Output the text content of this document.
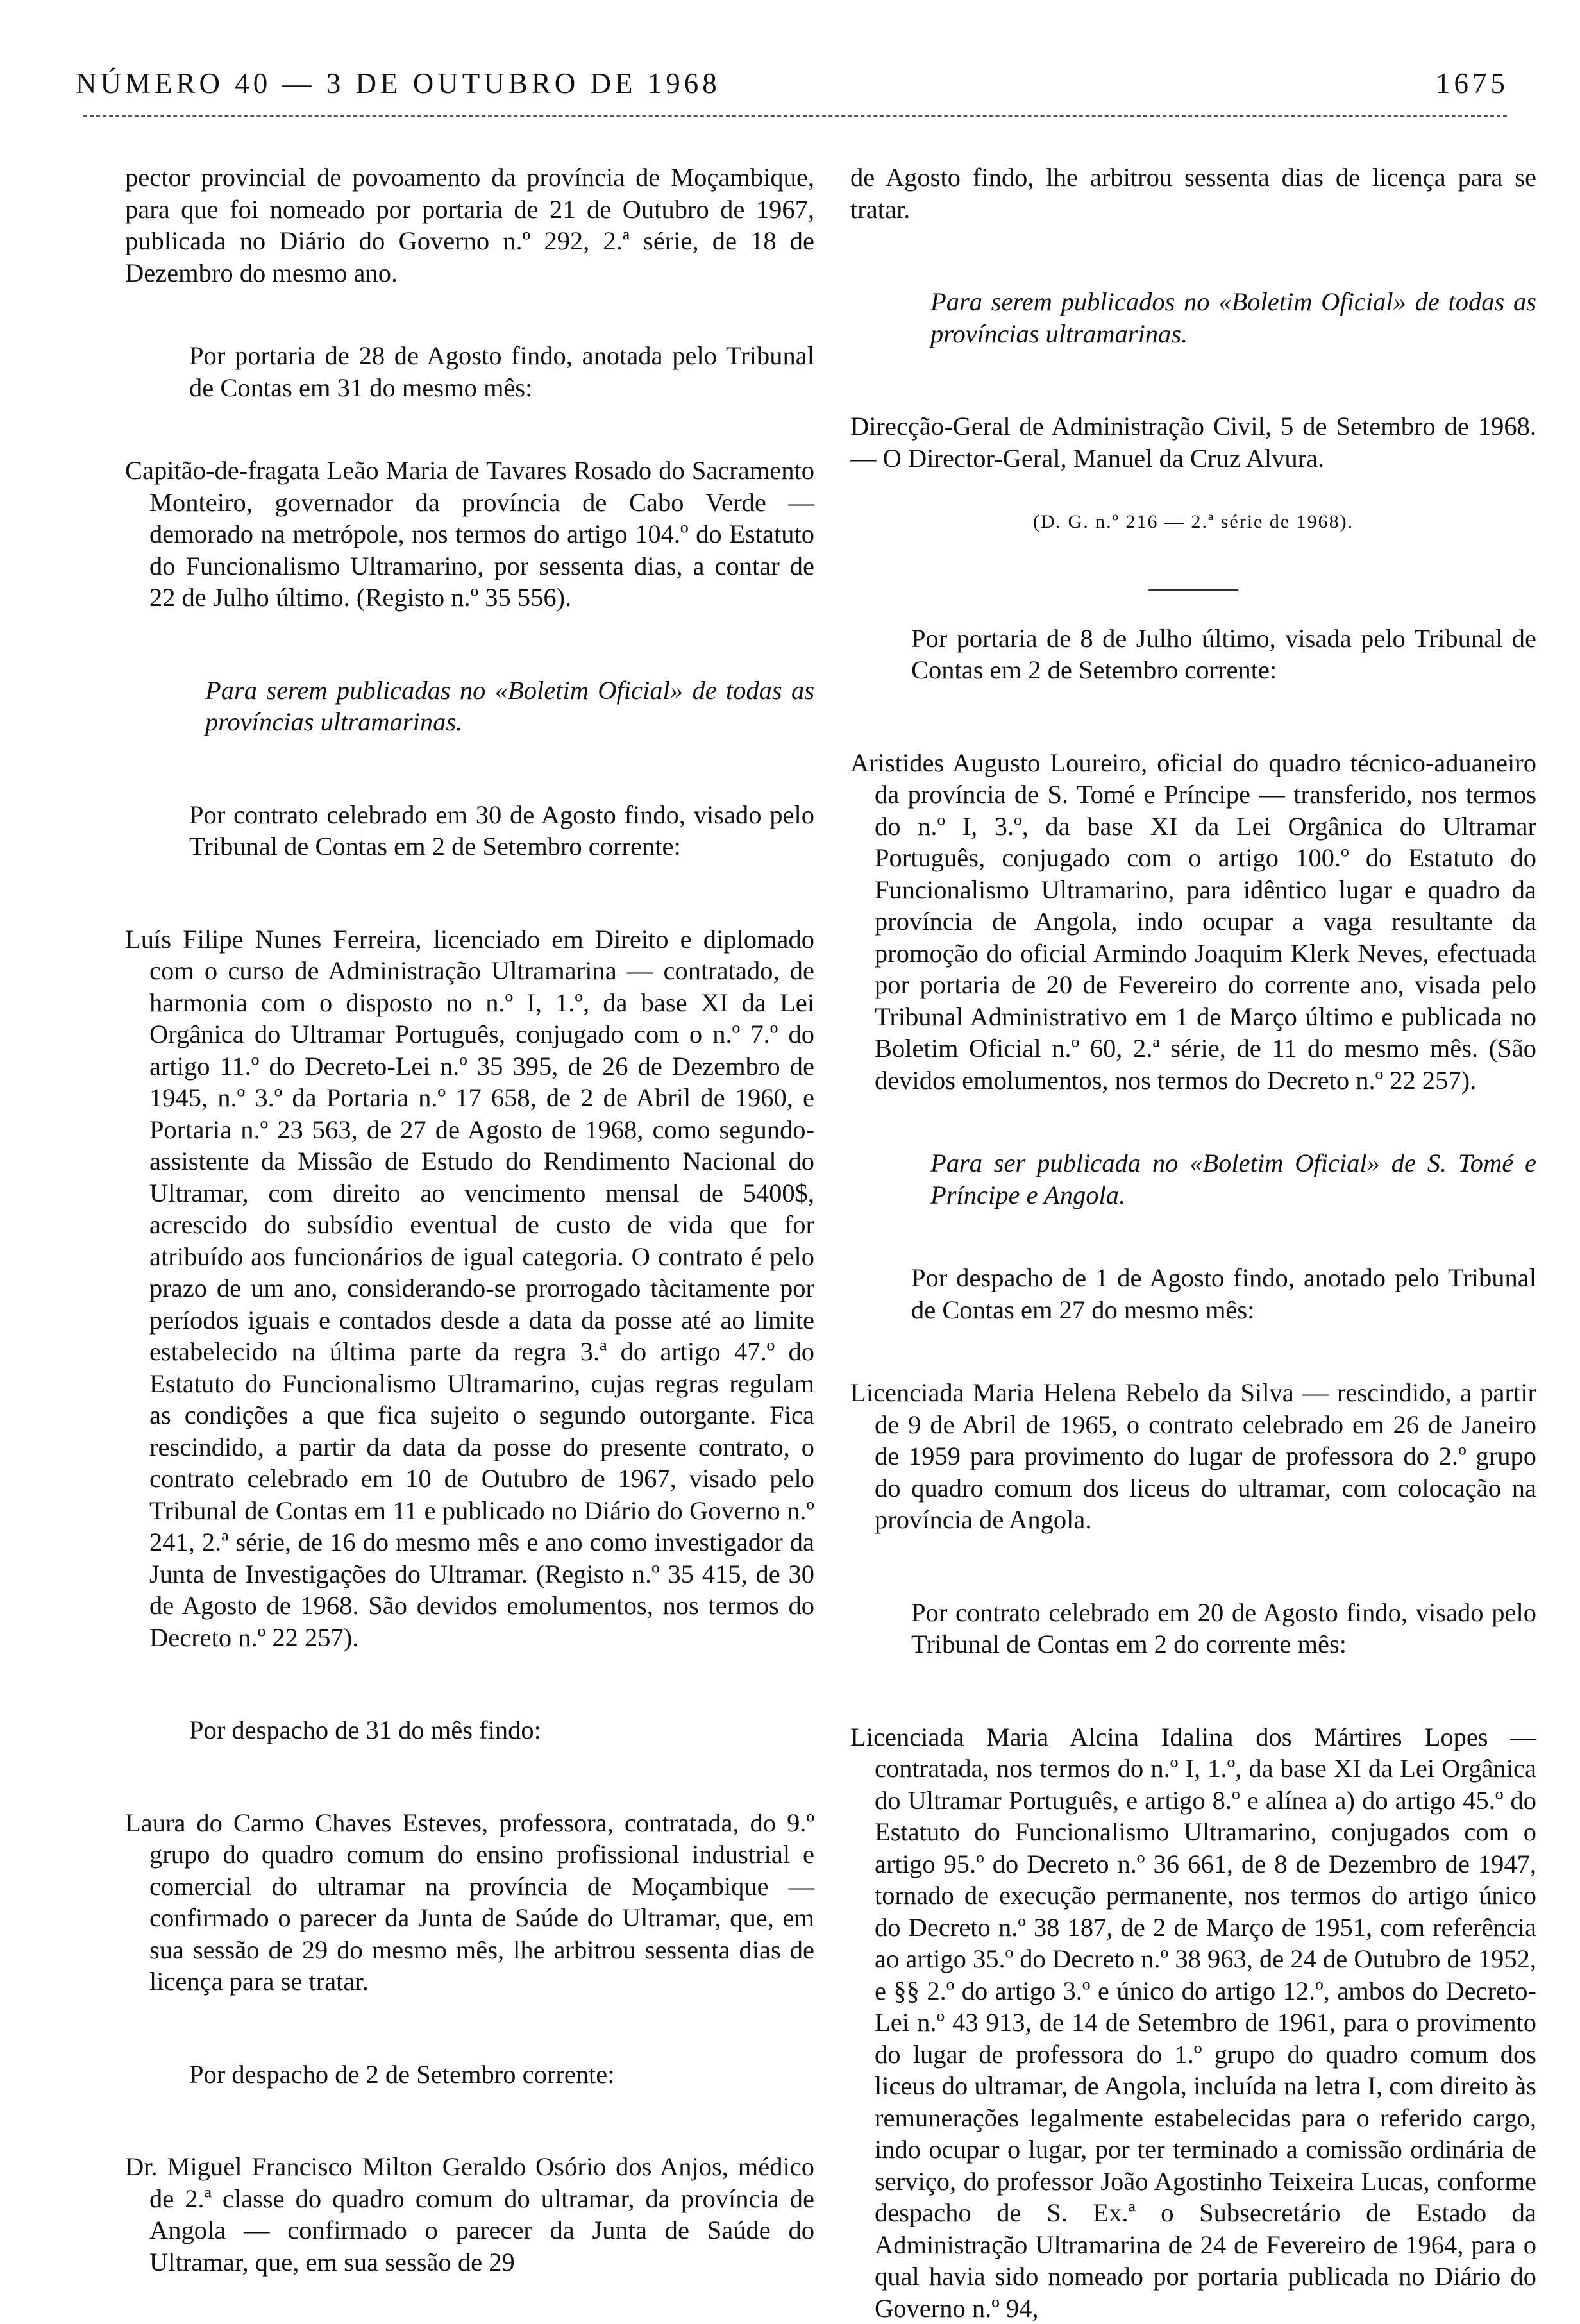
NÚMERO 40 — 3 DE OUTUBRO DE 1968	1675

pector provincial de povoamento da província de Moçambique, para que foi nomeado por portaria de 21 de Outubro de 1967, publicada no Diário do Governo n.º 292, 2.ª série, de 18 de Dezembro do mesmo ano.

Por portaria de 28 de Agosto findo, anotada pelo Tribunal de Contas em 31 do mesmo mês:

Capitão-de-fragata Leão Maria de Tavares Rosado do Sacramento Monteiro, governador da província de Cabo Verde — demorado na metrópole, nos termos do artigo 104.º do Estatuto do Funcionalismo Ultramarino, por sessenta dias, a contar de 22 de Julho último. (Registo n.º 35 556).

Para serem publicadas no «Boletim Oficial» de todas as províncias ultramarinas.

Por contrato celebrado em 30 de Agosto findo, visado pelo Tribunal de Contas em 2 de Setembro corrente:

Luís Filipe Nunes Ferreira, licenciado em Direito e diplomado com o curso de Administração Ultramarina — contratado, de harmonia com o disposto no n.º I, 1.º, da base XI da Lei Orgânica do Ultramar Português, conjugado com o n.º 7.º do artigo 11.º do Decreto-Lei n.º 35 395, de 26 de Dezembro de 1945, n.º 3.º da Portaria n.º 17 658, de 2 de Abril de 1960, e Portaria n.º 23 563, de 27 de Agosto de 1968, como segundo-assistente da Missão de Estudo do Rendimento Nacional do Ultramar, com direito ao vencimento mensal de 5400$, acrescido do subsídio eventual de custo de vida que for atribuído aos funcionários de igual categoria. O contrato é pelo prazo de um ano, considerando-se prorrogado tàcitamente por períodos iguais e contados desde a data da posse até ao limite estabelecido na última parte da regra 3.ª do artigo 47.º do Estatuto do Funcionalismo Ultramarino, cujas regras regulam as condições a que fica sujeito o segundo outorgante. Fica rescindido, a partir da data da posse do presente contrato, o contrato celebrado em 10 de Outubro de 1967, visado pelo Tribunal de Contas em 11 e publicado no Diário do Governo n.º 241, 2.ª série, de 16 do mesmo mês e ano como investigador da Junta de Investigações do Ultramar. (Registo n.º 35 415, de 30 de Agosto de 1968. São devidos emolumentos, nos termos do Decreto n.º 22 257).

Por despacho de 31 do mês findo:

Laura do Carmo Chaves Esteves, professora, contratada, do 9.º grupo do quadro comum do ensino profissional industrial e comercial do ultramar na província de Moçambique — confirmado o parecer da Junta de Saúde do Ultramar, que, em sua sessão de 29 do mesmo mês, lhe arbitrou sessenta dias de licença para se tratar.

Por despacho de 2 de Setembro corrente:

Dr. Miguel Francisco Milton Geraldo Osório dos Anjos, médico de 2.ª classe do quadro comum do ultramar, da província de Angola — confirmado o parecer da Junta de Saúde do Ultramar, que, em sua sessão de 29

de Agosto findo, lhe arbitrou sessenta dias de licença para se tratar.

Para serem publicados no «Boletim Oficial» de todas as províncias ultramarinas.

Direcção-Geral de Administração Civil, 5 de Setembro de 1968. — O Director-Geral, Manuel da Cruz Alvura.

(D. G. n.º 216 — 2.ª série de 1968).

Por portaria de 8 de Julho último, visada pelo Tribunal de Contas em 2 de Setembro corrente:

Aristides Augusto Loureiro, oficial do quadro técnico-aduaneiro da província de S. Tomé e Príncipe — transferido, nos termos do n.º I, 3.º, da base XI da Lei Orgânica do Ultramar Português, conjugado com o artigo 100.º do Estatuto do Funcionalismo Ultramarino, para idêntico lugar e quadro da província de Angola, indo ocupar a vaga resultante da promoção do oficial Armindo Joaquim Klerk Neves, efectuada por portaria de 20 de Fevereiro do corrente ano, visada pelo Tribunal Administrativo em 1 de Março último e publicada no Boletim Oficial n.º 60, 2.ª série, de 11 do mesmo mês. (São devidos emolumentos, nos termos do Decreto n.º 22 257).

Para ser publicada no «Boletim Oficial» de S. Tomé e Príncipe e Angola.

Por despacho de 1 de Agosto findo, anotado pelo Tribunal de Contas em 27 do mesmo mês:

Licenciada Maria Helena Rebelo da Silva — rescindido, a partir de 9 de Abril de 1965, o contrato celebrado em 26 de Janeiro de 1959 para provimento do lugar de professora do 2.º grupo do quadro comum dos liceus do ultramar, com colocação na província de Angola.

Por contrato celebrado em 20 de Agosto findo, visado pelo Tribunal de Contas em 2 do corrente mês:

Licenciada Maria Alcina Idalina dos Mártires Lopes — contratada, nos termos do n.º I, 1.º, da base XI da Lei Orgânica do Ultramar Português, e artigo 8.º e alínea a) do artigo 45.º do Estatuto do Funcionalismo Ultramarino, conjugados com o artigo 95.º do Decreto n.º 36 661, de 8 de Dezembro de 1947, tornado de execução permanente, nos termos do artigo único do Decreto n.º 38 187, de 2 de Março de 1951, com referência ao artigo 35.º do Decreto n.º 38 963, de 24 de Outubro de 1952, e §§ 2.º do artigo 3.º e único do artigo 12.º, ambos do Decreto-Lei n.º 43 913, de 14 de Setembro de 1961, para o provimento do lugar de professora do 1.º grupo do quadro comum dos liceus do ultramar, de Angola, incluída na letra I, com direito às remunerações legalmente estabelecidas para o referido cargo, indo ocupar o lugar, por ter terminado a comissão ordinária de serviço, do professor João Agostinho Teixeira Lucas, conforme despacho de S. Ex.ª o Subsecretário de Estado da Administração Ultramarina de 24 de Fevereiro de 1964, para o qual havia sido nomeado por portaria publicada no Diário do Governo n.º 94,
